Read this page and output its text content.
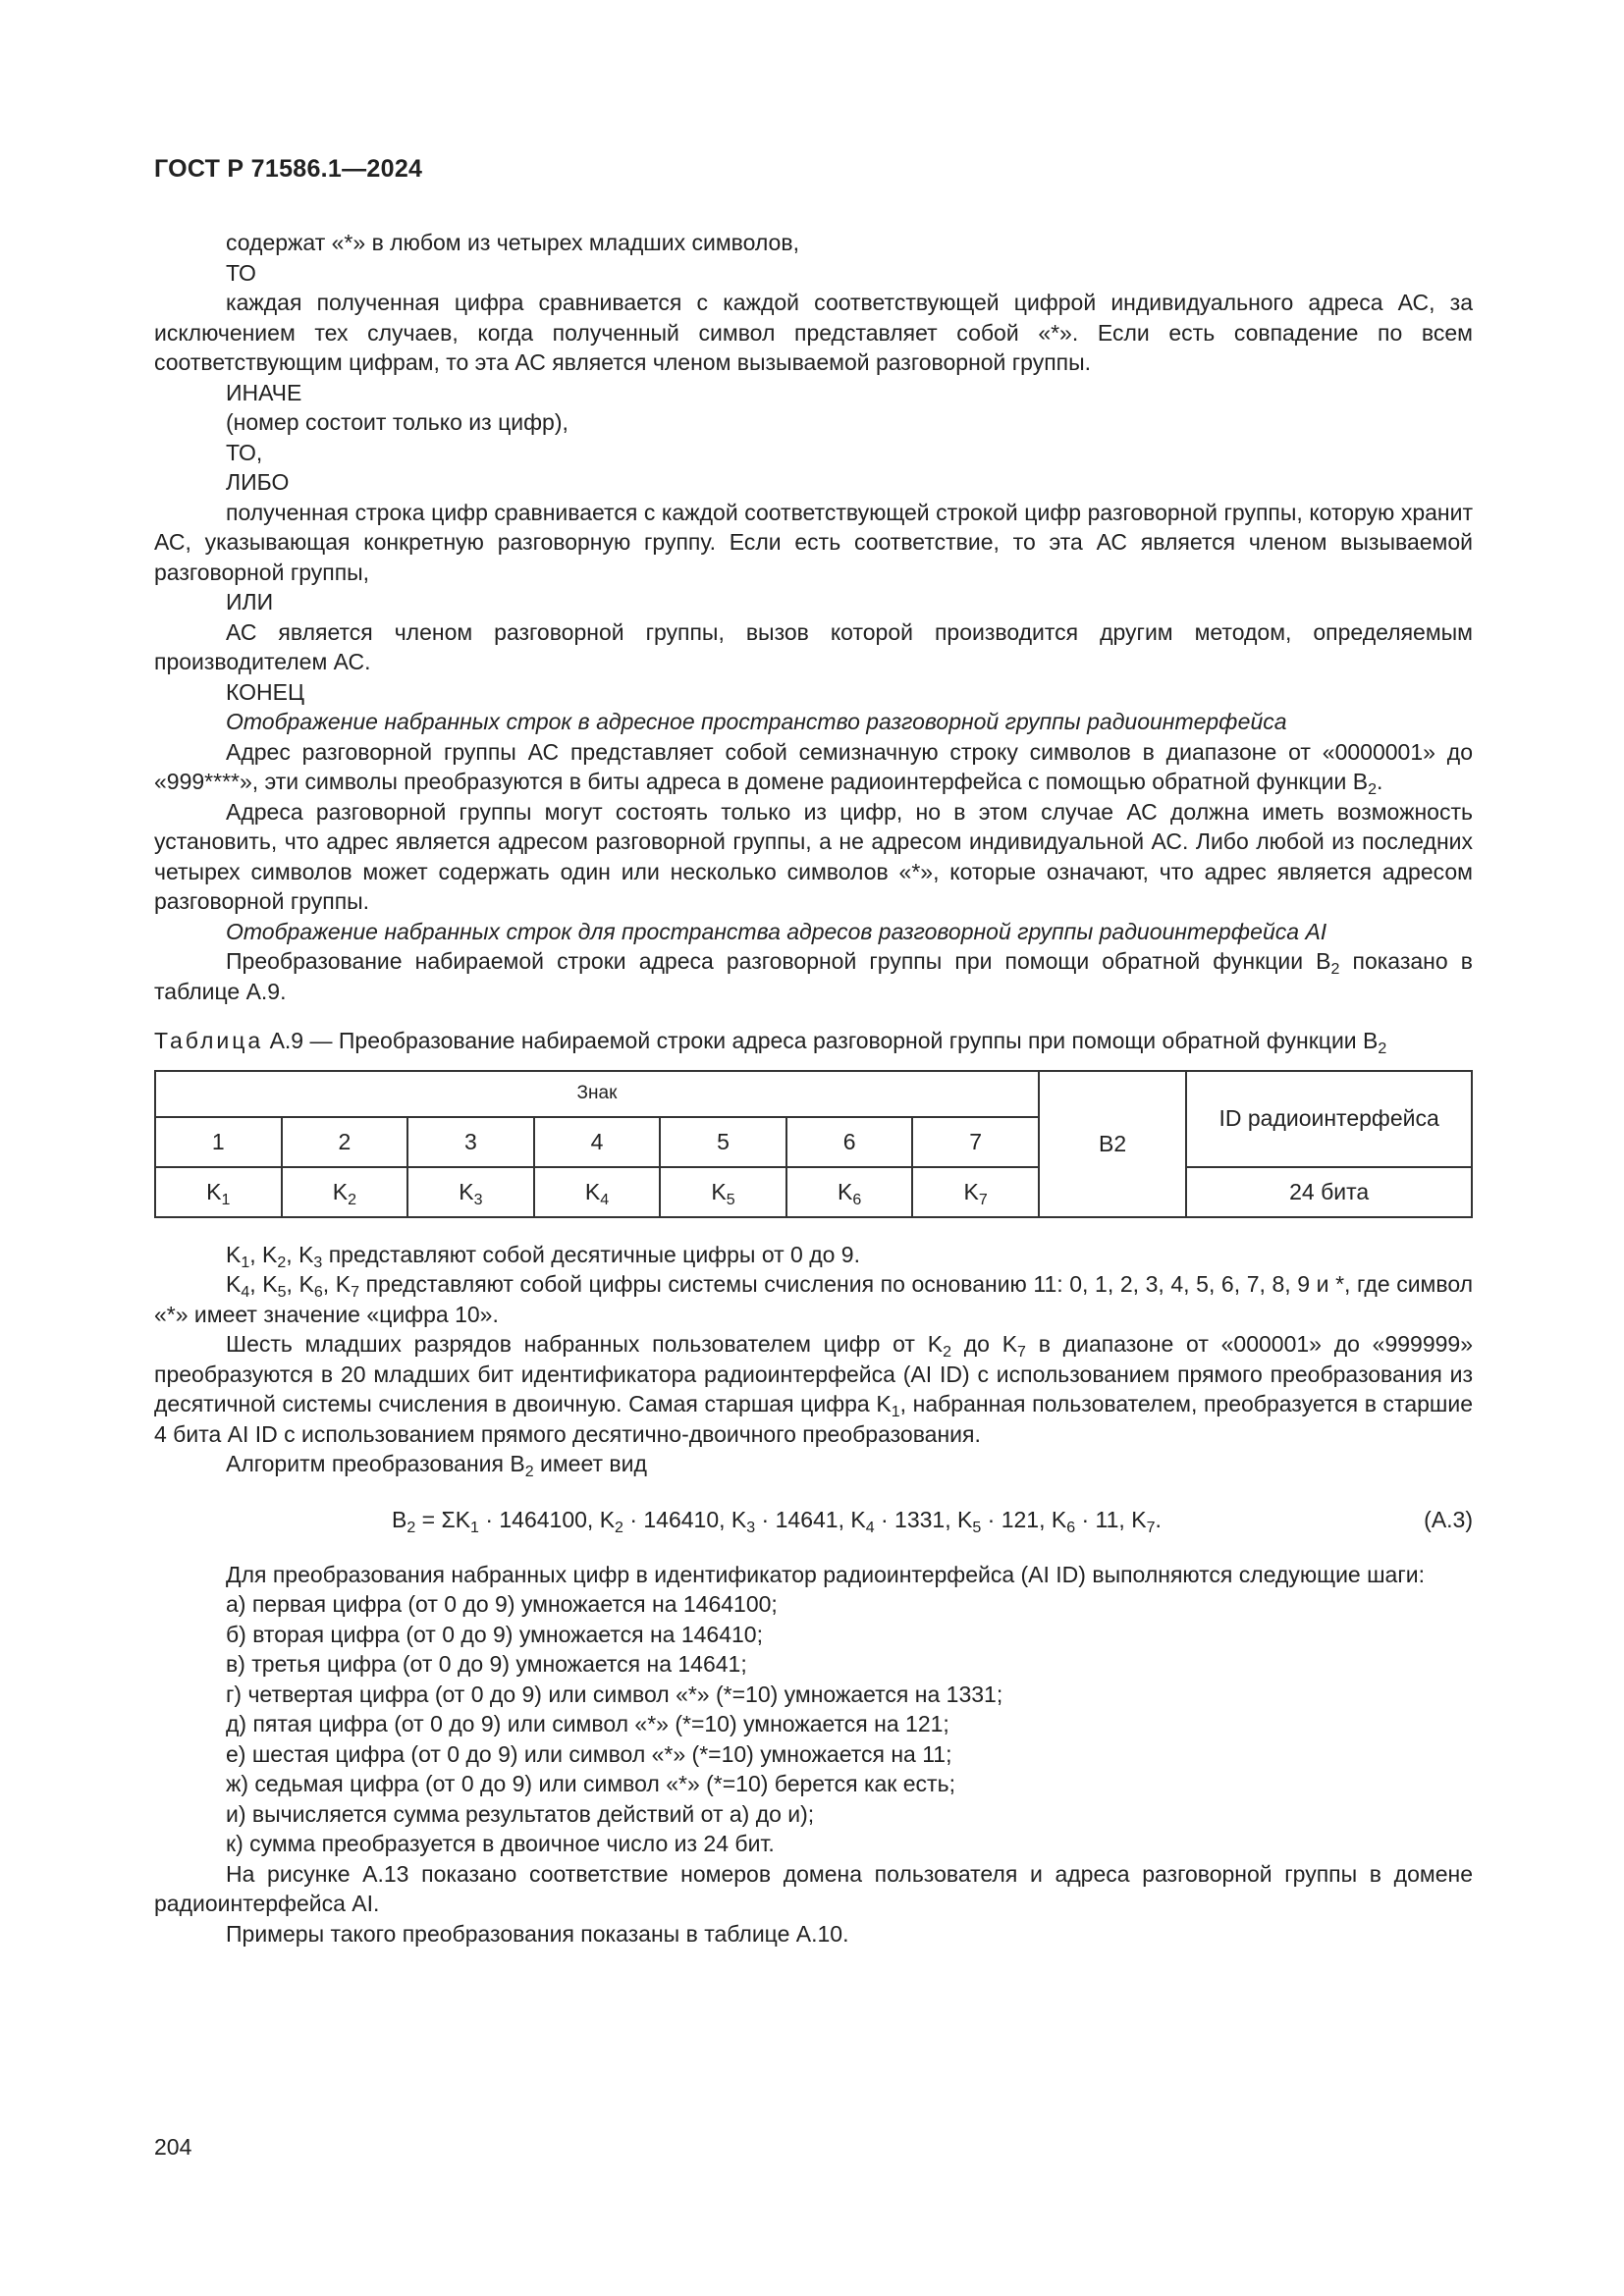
ГОСТ Р 71586.1—2024

содержат «*» в любом из четырех младших символов,

ТО

каждая полученная цифра сравнивается с каждой соответствующей цифрой индивидуального адреса АС, за исключением тех случаев, когда полученный символ представляет собой «*». Если есть совпадение по всем соответствующим цифрам, то эта АС является членом вызываемой разговорной группы.

ИНАЧЕ

(номер состоит только из цифр),

ТО,

ЛИБО

полученная строка цифр сравнивается с каждой соответствующей строкой цифр разговорной группы, которую хранит АС, указывающая конкретную разговорную группу. Если есть соответствие, то эта АС является членом вызываемой разговорной группы,

ИЛИ

АС является членом разговорной группы, вызов которой производится другим методом, определяемым производителем АС.

КОНЕЦ

Отображение набранных строк в адресное пространство разговорной группы радиоинтерфейса

Адрес разговорной группы АС представляет собой семизначную строку символов в диапазоне от «0000001» до «999****», эти символы преобразуются в биты адреса в домене радиоинтерфейса с помощью обратной функции $B_2$.

Адреса разговорной группы могут состоять только из цифр, но в этом случае АС должна иметь возможность установить, что адрес является адресом разговорной группы, а не адресом индивидуальной АС. Либо любой из последних четырех символов может содержать один или несколько символов «*», которые означают, что адрес является адресом разговорной группы.

Отображение набранных строк для пространства адресов разговорной группы радиоинтерфейса AI

Преобразование набираемой строки адреса разговорной группы при помощи обратной функции $B_2$ показано в таблице А.9.

Таблица А.9 — Преобразование набираемой строки адреса разговорной группы при помощи обратной функции $B_2$

Знак							B2	ID радиоинтерфейса
1	2	3	4	5	6	7		
$K_1$	$K_2$	$K_3$	$K_4$	$K_5$	$K_6$	$K_7$		24 бита

$K_1$, $K_2$, $K_3$ представляют собой десятичные цифры от 0 до 9.

$K_4$, $K_5$, $K_6$, $K_7$ представляют собой цифры системы счисления по основанию 11: 0, 1, 2, 3, 4, 5, 6, 7, 8, 9 и *, где символ «*» имеет значение «цифра 10».

Шесть младших разрядов набранных пользователем цифр от $K_2$ до $K_7$ в диапазоне от «000001» до «999999» преобразуются в 20 младших бит идентификатора радиоинтерфейса (AI ID) с использованием прямого преобразования из десятичной системы счисления в двоичную. Самая старшая цифра $K_1$, набранная пользователем, преобразуется в старшие 4 бита AI ID с использованием прямого десятично-двоичного преобразования.

Алгоритм преобразования $B_2$ имеет вид

$B_2 = \Sigma K_1 \cdot 1464100$, $K_2 \cdot 146410$, $K_3 \cdot 14641$, $K_4 \cdot 1331$, $K_5 \cdot 121$, $K_6 \cdot 11$, $K_7$.	(А.3)

Для преобразования набранных цифр в идентификатор радиоинтерфейса (AI ID) выполняются следующие шаги:

а) первая цифра (от 0 до 9) умножается на 1464100;

б) вторая цифра (от 0 до 9) умножается на 146410;

в) третья цифра (от 0 до 9) умножается на 14641;

г) четвертая цифра (от 0 до 9) или символ «*» (*=10) умножается на 1331;

д) пятая цифра (от 0 до 9) или символ «*» (*=10) умножается на 121;

е) шестая цифра (от 0 до 9) или символ «*» (*=10) умножается на 11;

ж) седьмая цифра (от 0 до 9) или символ «*» (*=10) берется как есть;

и) вычисляется сумма результатов действий от а) до и);

к) сумма преобразуется в двоичное число из 24 бит.

На рисунке А.13 показано соответствие номеров домена пользователя и адреса разговорной группы в домене радиоинтерфейса AI.

Примеры такого преобразования показаны в таблице А.10.

204
